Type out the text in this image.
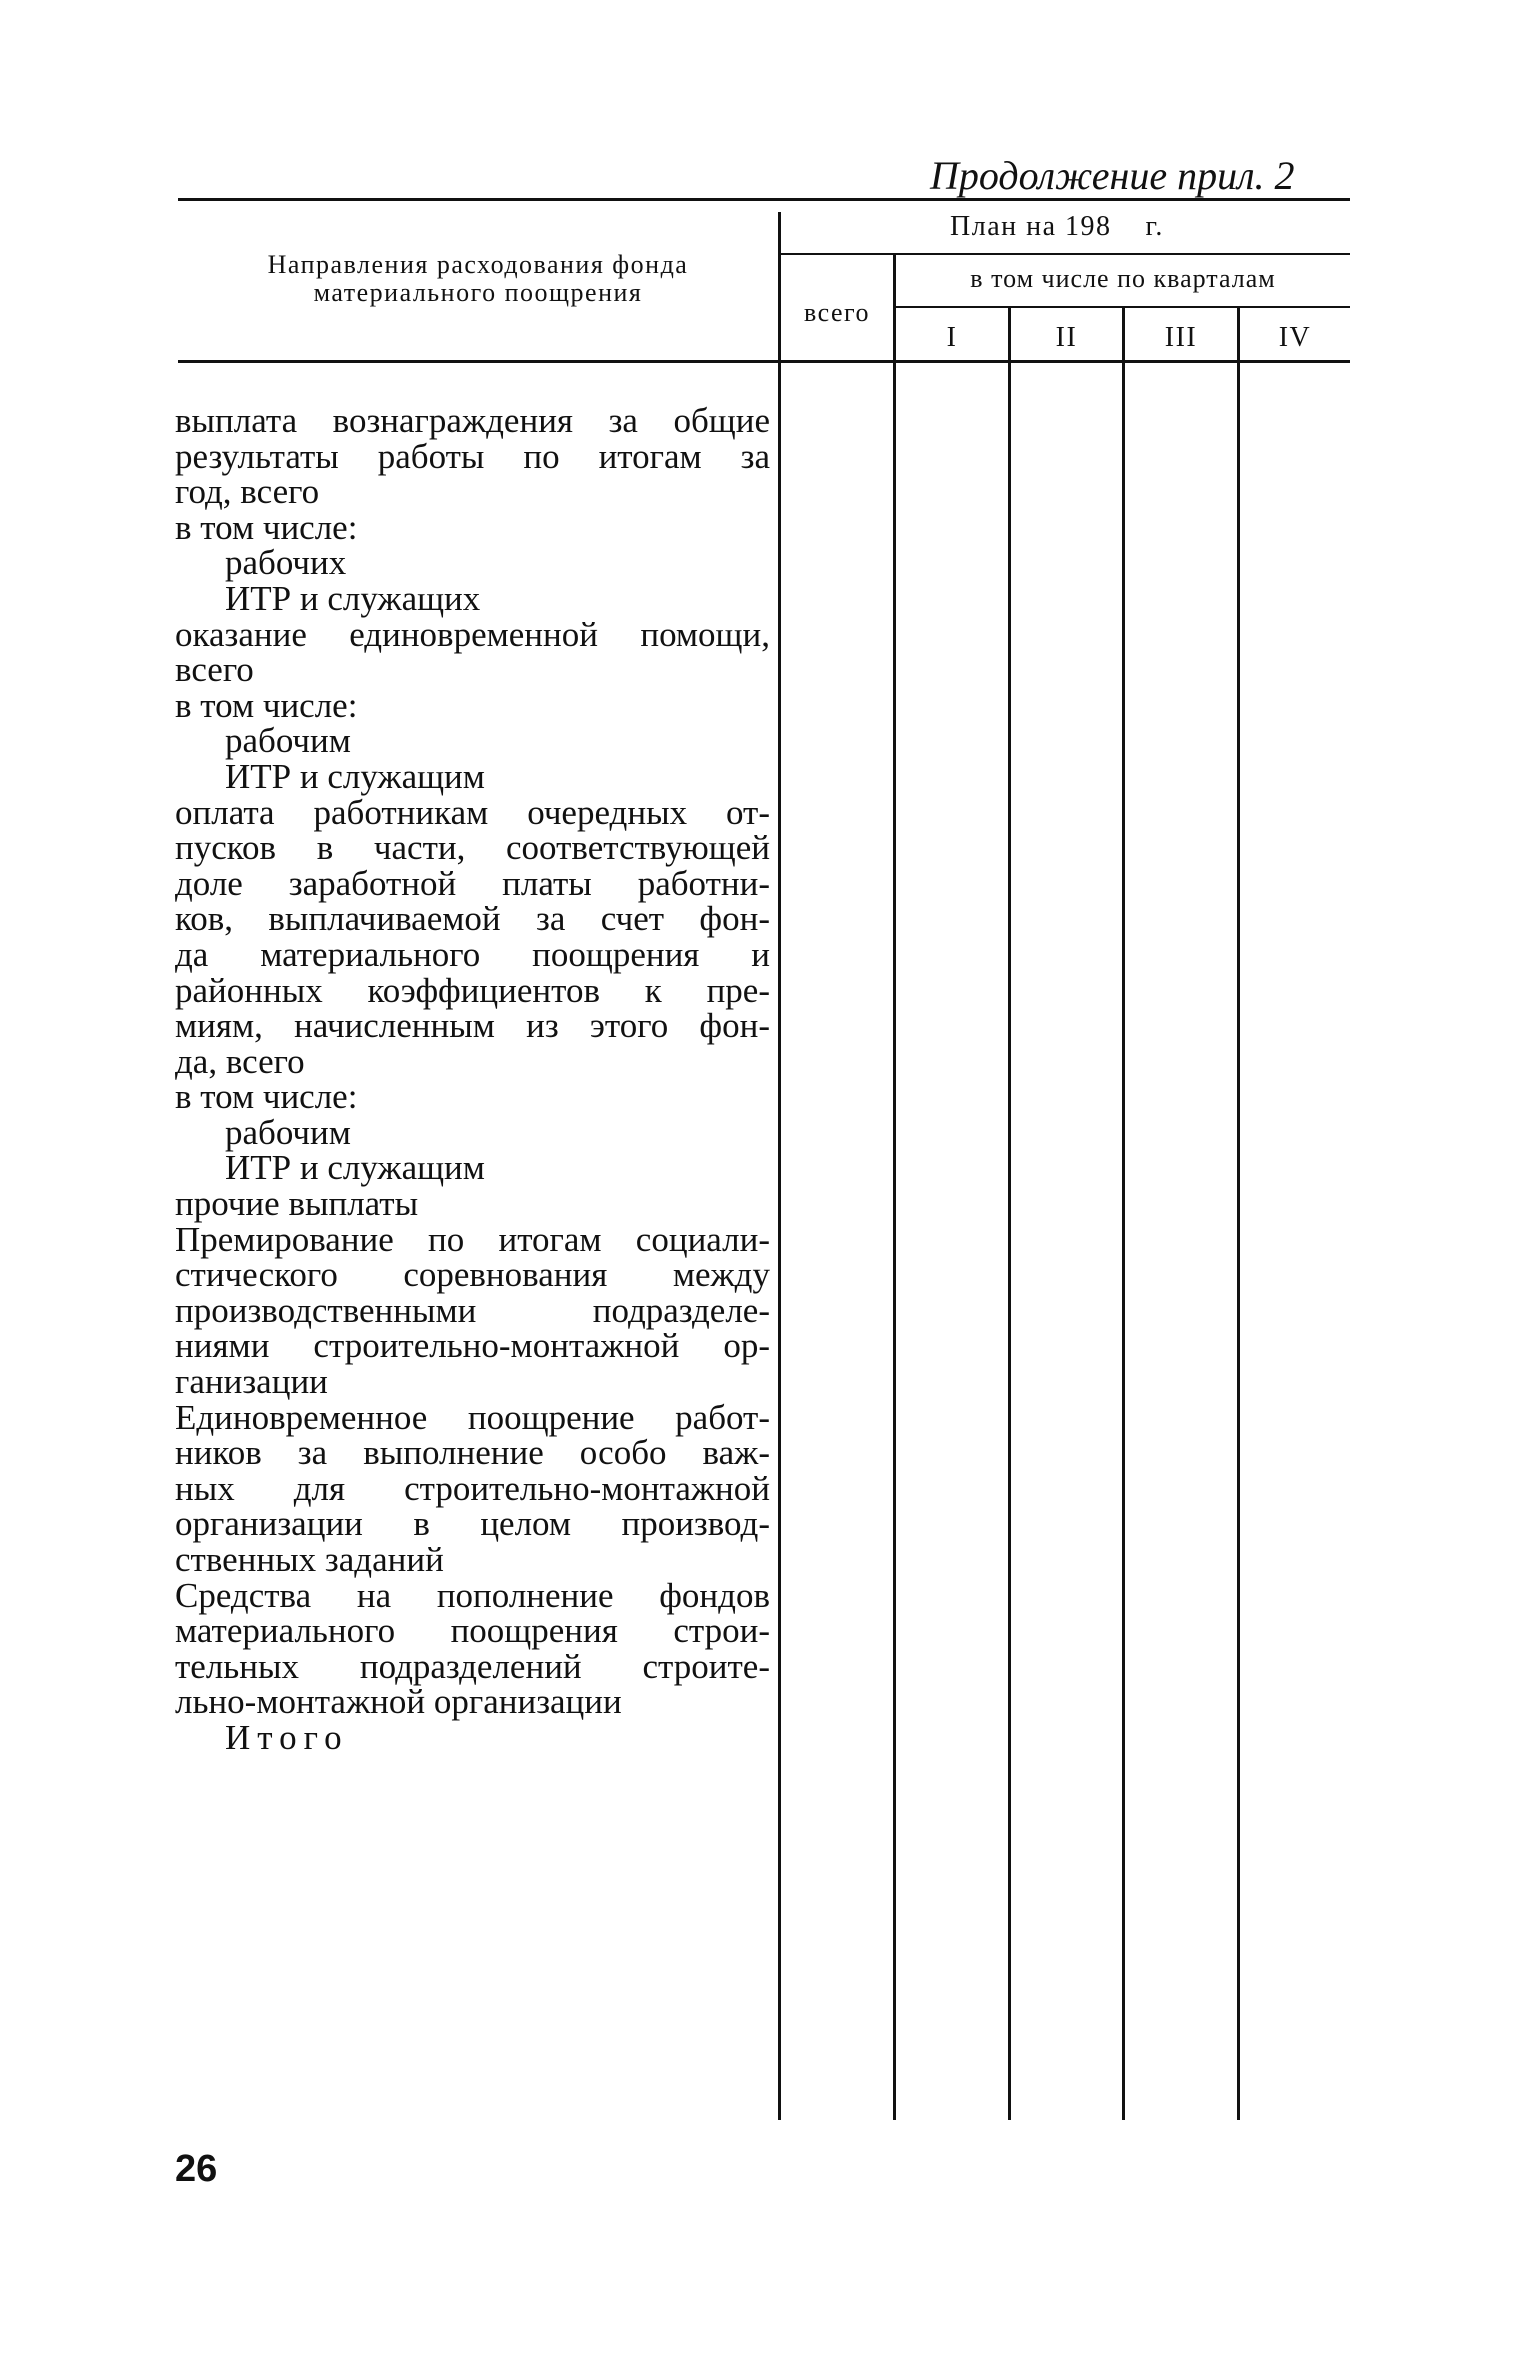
Продолжение прил. 2
Направления расходования фонда
материального поощрения
План на 198    г.
всего
в том числе по кварталам
I	II	III	IV
выплата вознаграждения за общие
результаты работы по итогам за
год, всего
в том числе:
рабочих
ИТР и служащих
оказание единовременной помощи,
всего
в том числе:
рабочим
ИТР и служащим
оплата работникам очередных от-
пусков в части, соответствующей
доле заработной платы работни-
ков, выплачиваемой за счет фон-
да материального поощрения и
районных коэффициентов к пре-
миям, начисленным из этого фон-
да, всего
в том числе:
рабочим
ИТР и служащим
прочие выплаты
Премирование по итогам социали-
стического соревнования между
производственными подразделе-
ниями строительно-монтажной ор-
ганизации
Единовременное поощрение работ-
ников за выполнение особо важ-
ных для строительно-монтажной
организации в целом производ-
ственных заданий
Средства на пополнение фондов
материального поощрения строи-
тельных подразделений строите-
льно-монтажной организации
Итого
26
